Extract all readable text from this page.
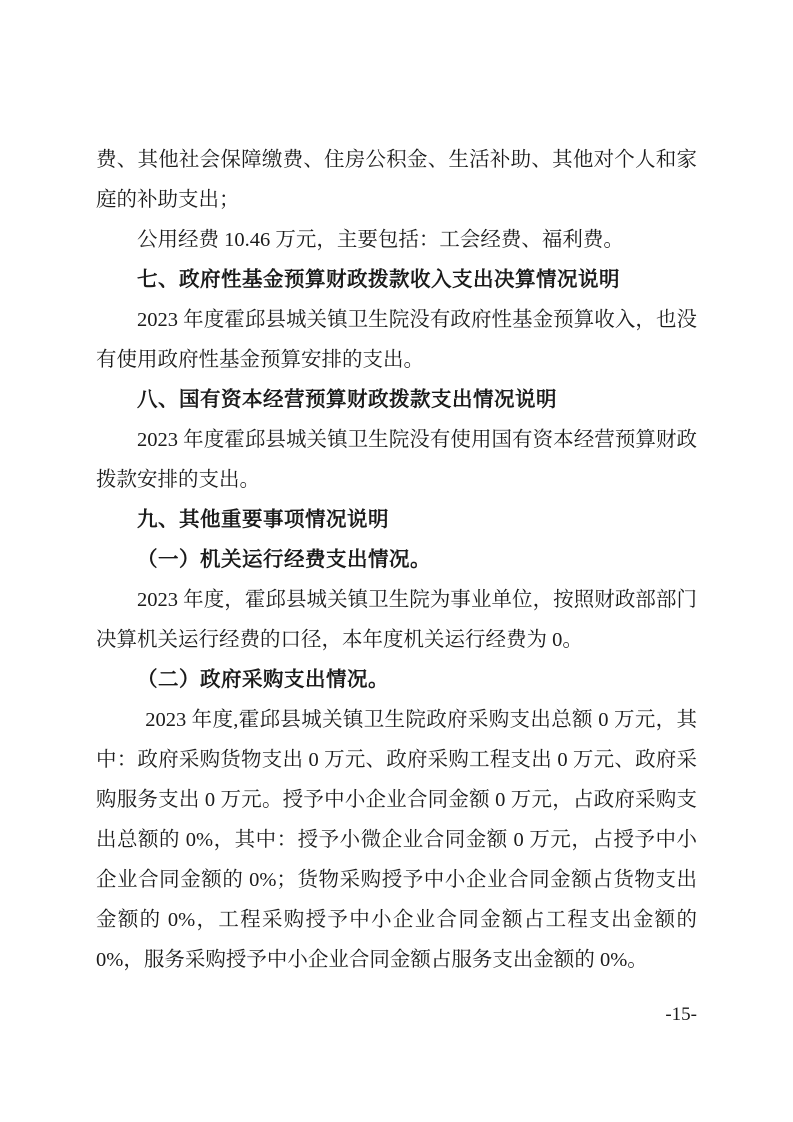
费、其他社会保障缴费、住房公积金、生活补助、其他对个人和家庭的补助支出；

公用经费 10.46 万元，主要包括：工会经费、福利费。

七、政府性基金预算财政拨款收入支出决算情况说明

2023 年度霍邱县城关镇卫生院没有政府性基金预算收入，也没有使用政府性基金预算安排的支出。

八、国有资本经营预算财政拨款支出情况说明

2023 年度霍邱县城关镇卫生院没有使用国有资本经营预算财政拨款安排的支出。

九、其他重要事项情况说明

（一）机关运行经费支出情况。

2023 年度，霍邱县城关镇卫生院为事业单位，按照财政部部门决算机关运行经费的口径，本年度机关运行经费为 0。

（二）政府采购支出情况。

2023 年度,霍邱县城关镇卫生院政府采购支出总额 0 万元，其中：政府采购货物支出 0 万元、政府采购工程支出 0 万元、政府采购服务支出 0 万元。授予中小企业合同金额 0 万元，占政府采购支出总额的 0%，其中：授予小微企业合同金额 0 万元，占授予中小企业合同金额的 0%；货物采购授予中小企业合同金额占货物支出金额的 0%，工程采购授予中小企业合同金额占工程支出金额的 0%，服务采购授予中小企业合同金额占服务支出金额的 0%。

-15-
